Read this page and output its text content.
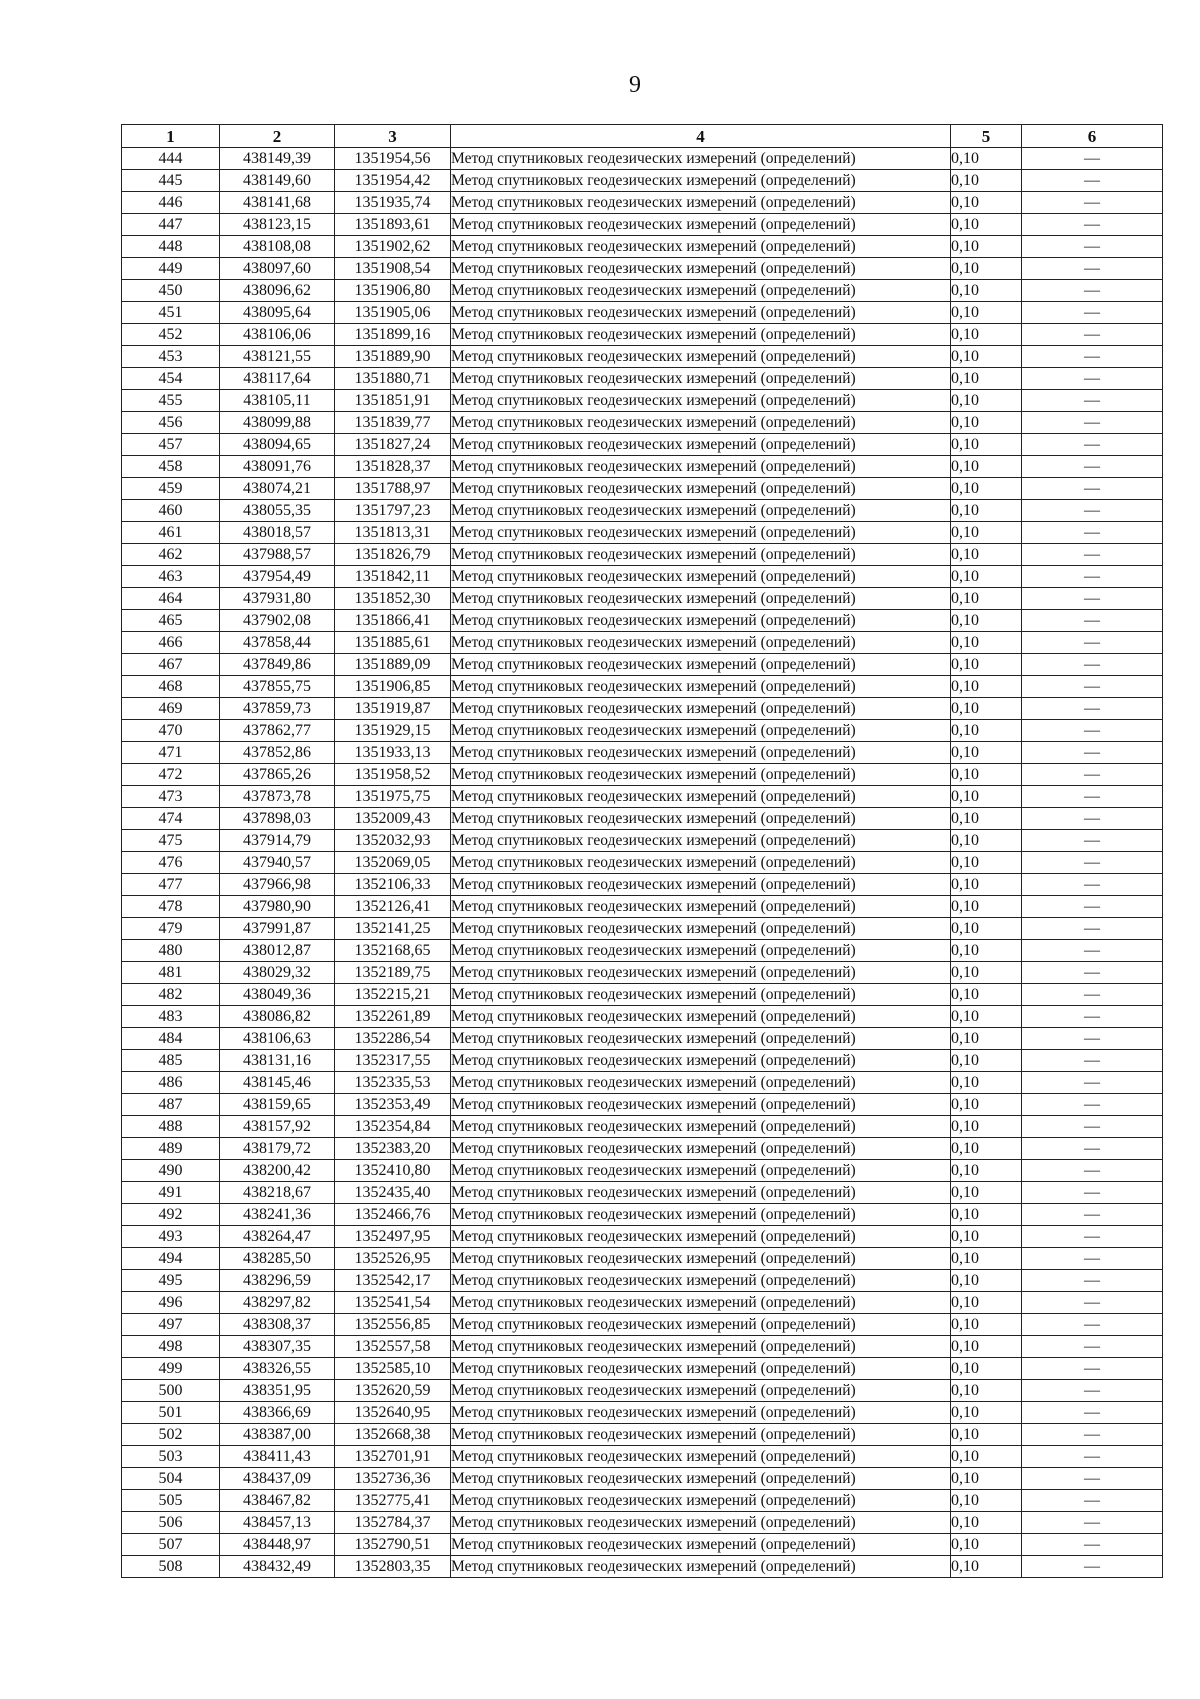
9
1	2	3	4	5	6
444	438149,39	1351954,56	Метод спутниковых геодезических измерений (определений)	0,10	—
445	438149,60	1351954,42	Метод спутниковых геодезических измерений (определений)	0,10	—
446	438141,68	1351935,74	Метод спутниковых геодезических измерений (определений)	0,10	—
447	438123,15	1351893,61	Метод спутниковых геодезических измерений (определений)	0,10	—
448	438108,08	1351902,62	Метод спутниковых геодезических измерений (определений)	0,10	—
449	438097,60	1351908,54	Метод спутниковых геодезических измерений (определений)	0,10	—
450	438096,62	1351906,80	Метод спутниковых геодезических измерений (определений)	0,10	—
451	438095,64	1351905,06	Метод спутниковых геодезических измерений (определений)	0,10	—
452	438106,06	1351899,16	Метод спутниковых геодезических измерений (определений)	0,10	—
453	438121,55	1351889,90	Метод спутниковых геодезических измерений (определений)	0,10	—
454	438117,64	1351880,71	Метод спутниковых геодезических измерений (определений)	0,10	—
455	438105,11	1351851,91	Метод спутниковых геодезических измерений (определений)	0,10	—
456	438099,88	1351839,77	Метод спутниковых геодезических измерений (определений)	0,10	—
457	438094,65	1351827,24	Метод спутниковых геодезических измерений (определений)	0,10	—
458	438091,76	1351828,37	Метод спутниковых геодезических измерений (определений)	0,10	—
459	438074,21	1351788,97	Метод спутниковых геодезических измерений (определений)	0,10	—
460	438055,35	1351797,23	Метод спутниковых геодезических измерений (определений)	0,10	—
461	438018,57	1351813,31	Метод спутниковых геодезических измерений (определений)	0,10	—
462	437988,57	1351826,79	Метод спутниковых геодезических измерений (определений)	0,10	—
463	437954,49	1351842,11	Метод спутниковых геодезических измерений (определений)	0,10	—
464	437931,80	1351852,30	Метод спутниковых геодезических измерений (определений)	0,10	—
465	437902,08	1351866,41	Метод спутниковых геодезических измерений (определений)	0,10	—
466	437858,44	1351885,61	Метод спутниковых геодезических измерений (определений)	0,10	—
467	437849,86	1351889,09	Метод спутниковых геодезических измерений (определений)	0,10	—
468	437855,75	1351906,85	Метод спутниковых геодезических измерений (определений)	0,10	—
469	437859,73	1351919,87	Метод спутниковых геодезических измерений (определений)	0,10	—
470	437862,77	1351929,15	Метод спутниковых геодезических измерений (определений)	0,10	—
471	437852,86	1351933,13	Метод спутниковых геодезических измерений (определений)	0,10	—
472	437865,26	1351958,52	Метод спутниковых геодезических измерений (определений)	0,10	—
473	437873,78	1351975,75	Метод спутниковых геодезических измерений (определений)	0,10	—
474	437898,03	1352009,43	Метод спутниковых геодезических измерений (определений)	0,10	—
475	437914,79	1352032,93	Метод спутниковых геодезических измерений (определений)	0,10	—
476	437940,57	1352069,05	Метод спутниковых геодезических измерений (определений)	0,10	—
477	437966,98	1352106,33	Метод спутниковых геодезических измерений (определений)	0,10	—
478	437980,90	1352126,41	Метод спутниковых геодезических измерений (определений)	0,10	—
479	437991,87	1352141,25	Метод спутниковых геодезических измерений (определений)	0,10	—
480	438012,87	1352168,65	Метод спутниковых геодезических измерений (определений)	0,10	—
481	438029,32	1352189,75	Метод спутниковых геодезических измерений (определений)	0,10	—
482	438049,36	1352215,21	Метод спутниковых геодезических измерений (определений)	0,10	—
483	438086,82	1352261,89	Метод спутниковых геодезических измерений (определений)	0,10	—
484	438106,63	1352286,54	Метод спутниковых геодезических измерений (определений)	0,10	—
485	438131,16	1352317,55	Метод спутниковых геодезических измерений (определений)	0,10	—
486	438145,46	1352335,53	Метод спутниковых геодезических измерений (определений)	0,10	—
487	438159,65	1352353,49	Метод спутниковых геодезических измерений (определений)	0,10	—
488	438157,92	1352354,84	Метод спутниковых геодезических измерений (определений)	0,10	—
489	438179,72	1352383,20	Метод спутниковых геодезических измерений (определений)	0,10	—
490	438200,42	1352410,80	Метод спутниковых геодезических измерений (определений)	0,10	—
491	438218,67	1352435,40	Метод спутниковых геодезических измерений (определений)	0,10	—
492	438241,36	1352466,76	Метод спутниковых геодезических измерений (определений)	0,10	—
493	438264,47	1352497,95	Метод спутниковых геодезических измерений (определений)	0,10	—
494	438285,50	1352526,95	Метод спутниковых геодезических измерений (определений)	0,10	—
495	438296,59	1352542,17	Метод спутниковых геодезических измерений (определений)	0,10	—
496	438297,82	1352541,54	Метод спутниковых геодезических измерений (определений)	0,10	—
497	438308,37	1352556,85	Метод спутниковых геодезических измерений (определений)	0,10	—
498	438307,35	1352557,58	Метод спутниковых геодезических измерений (определений)	0,10	—
499	438326,55	1352585,10	Метод спутниковых геодезических измерений (определений)	0,10	—
500	438351,95	1352620,59	Метод спутниковых геодезических измерений (определений)	0,10	—
501	438366,69	1352640,95	Метод спутниковых геодезических измерений (определений)	0,10	—
502	438387,00	1352668,38	Метод спутниковых геодезических измерений (определений)	0,10	—
503	438411,43	1352701,91	Метод спутниковых геодезических измерений (определений)	0,10	—
504	438437,09	1352736,36	Метод спутниковых геодезических измерений (определений)	0,10	—
505	438467,82	1352775,41	Метод спутниковых геодезических измерений (определений)	0,10	—
506	438457,13	1352784,37	Метод спутниковых геодезических измерений (определений)	0,10	—
507	438448,97	1352790,51	Метод спутниковых геодезических измерений (определений)	0,10	—
508	438432,49	1352803,35	Метод спутниковых геодезических измерений (определений)	0,10	—
